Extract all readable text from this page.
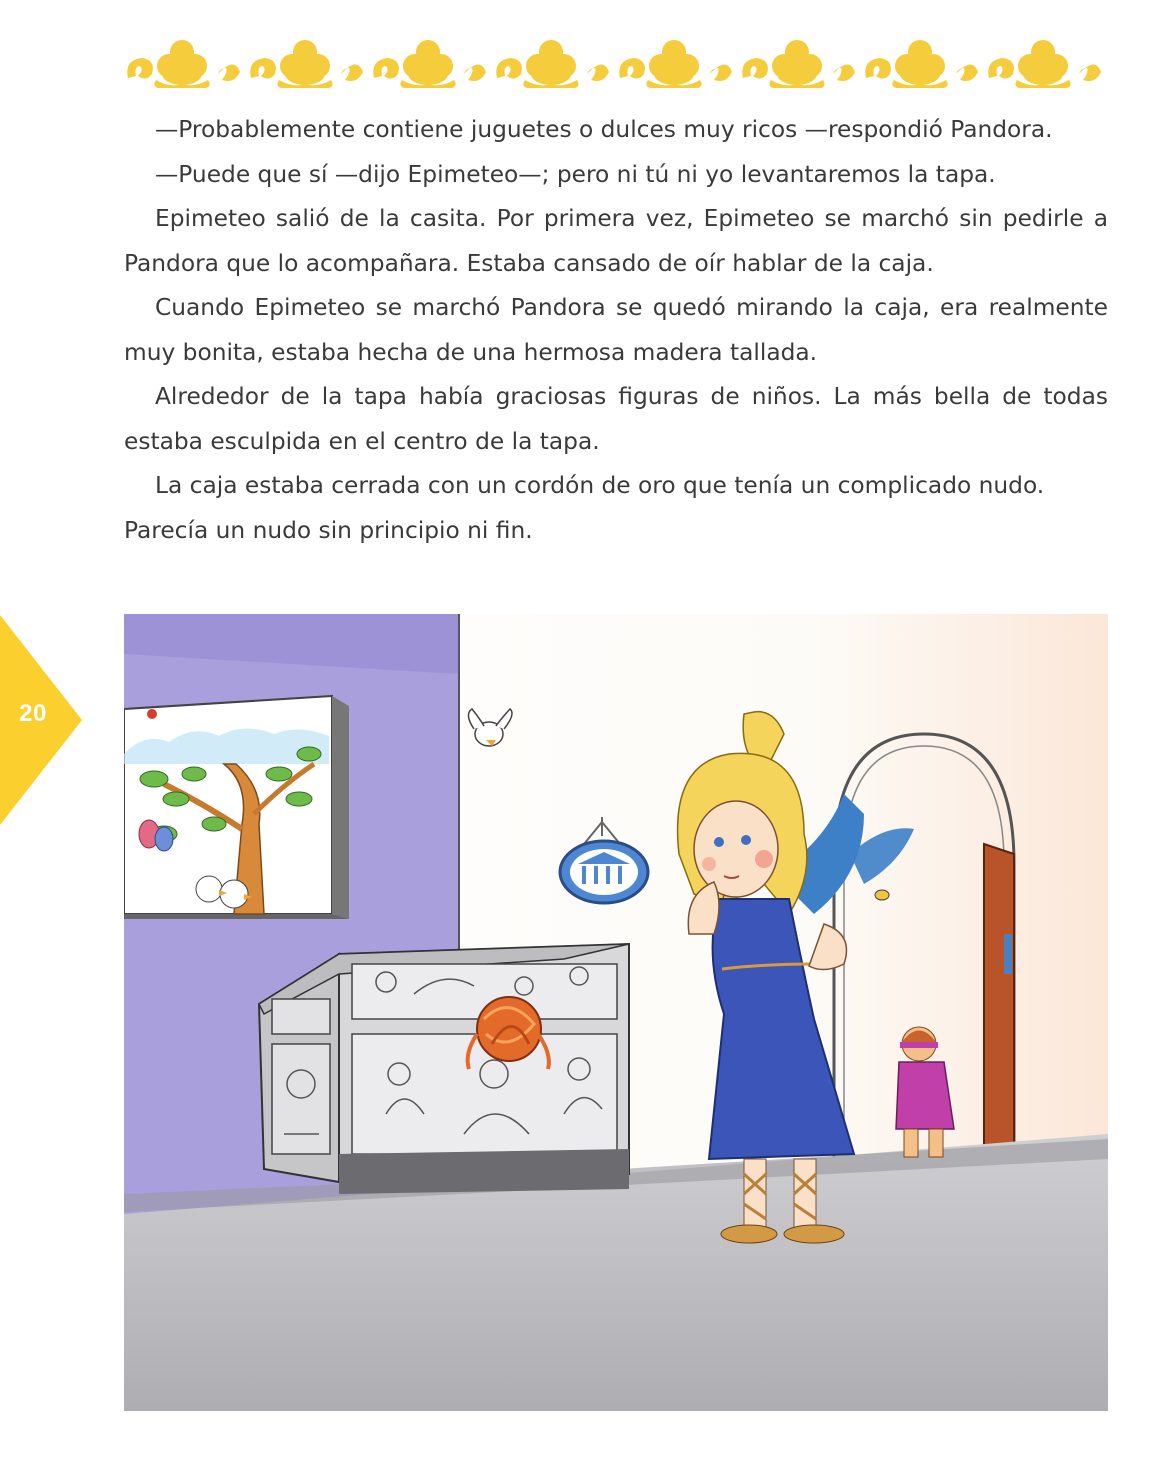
20

—Probablemente contiene juguetes o dulces muy ricos —respondió Pandora.

—Puede que sí —dijo Epimeteo—; pero ni tú ni yo levantaremos la tapa.

Epimeteo salió de la casita. Por primera vez, Epimeteo se marchó sin pedirle a Pandora que lo acompañara. Estaba cansado de oír hablar de la caja.

Cuando Epimeteo se marchó Pandora se quedó mirando la caja, era realmente muy bonita, estaba hecha de una hermosa madera tallada.

Alrededor de la tapa había graciosas figuras de niños. La más bella de todas estaba esculpida en el centro de la tapa.

La caja estaba cerrada con un cordón de oro que tenía un complicado nudo. Parecía un nudo sin principio ni fin.
